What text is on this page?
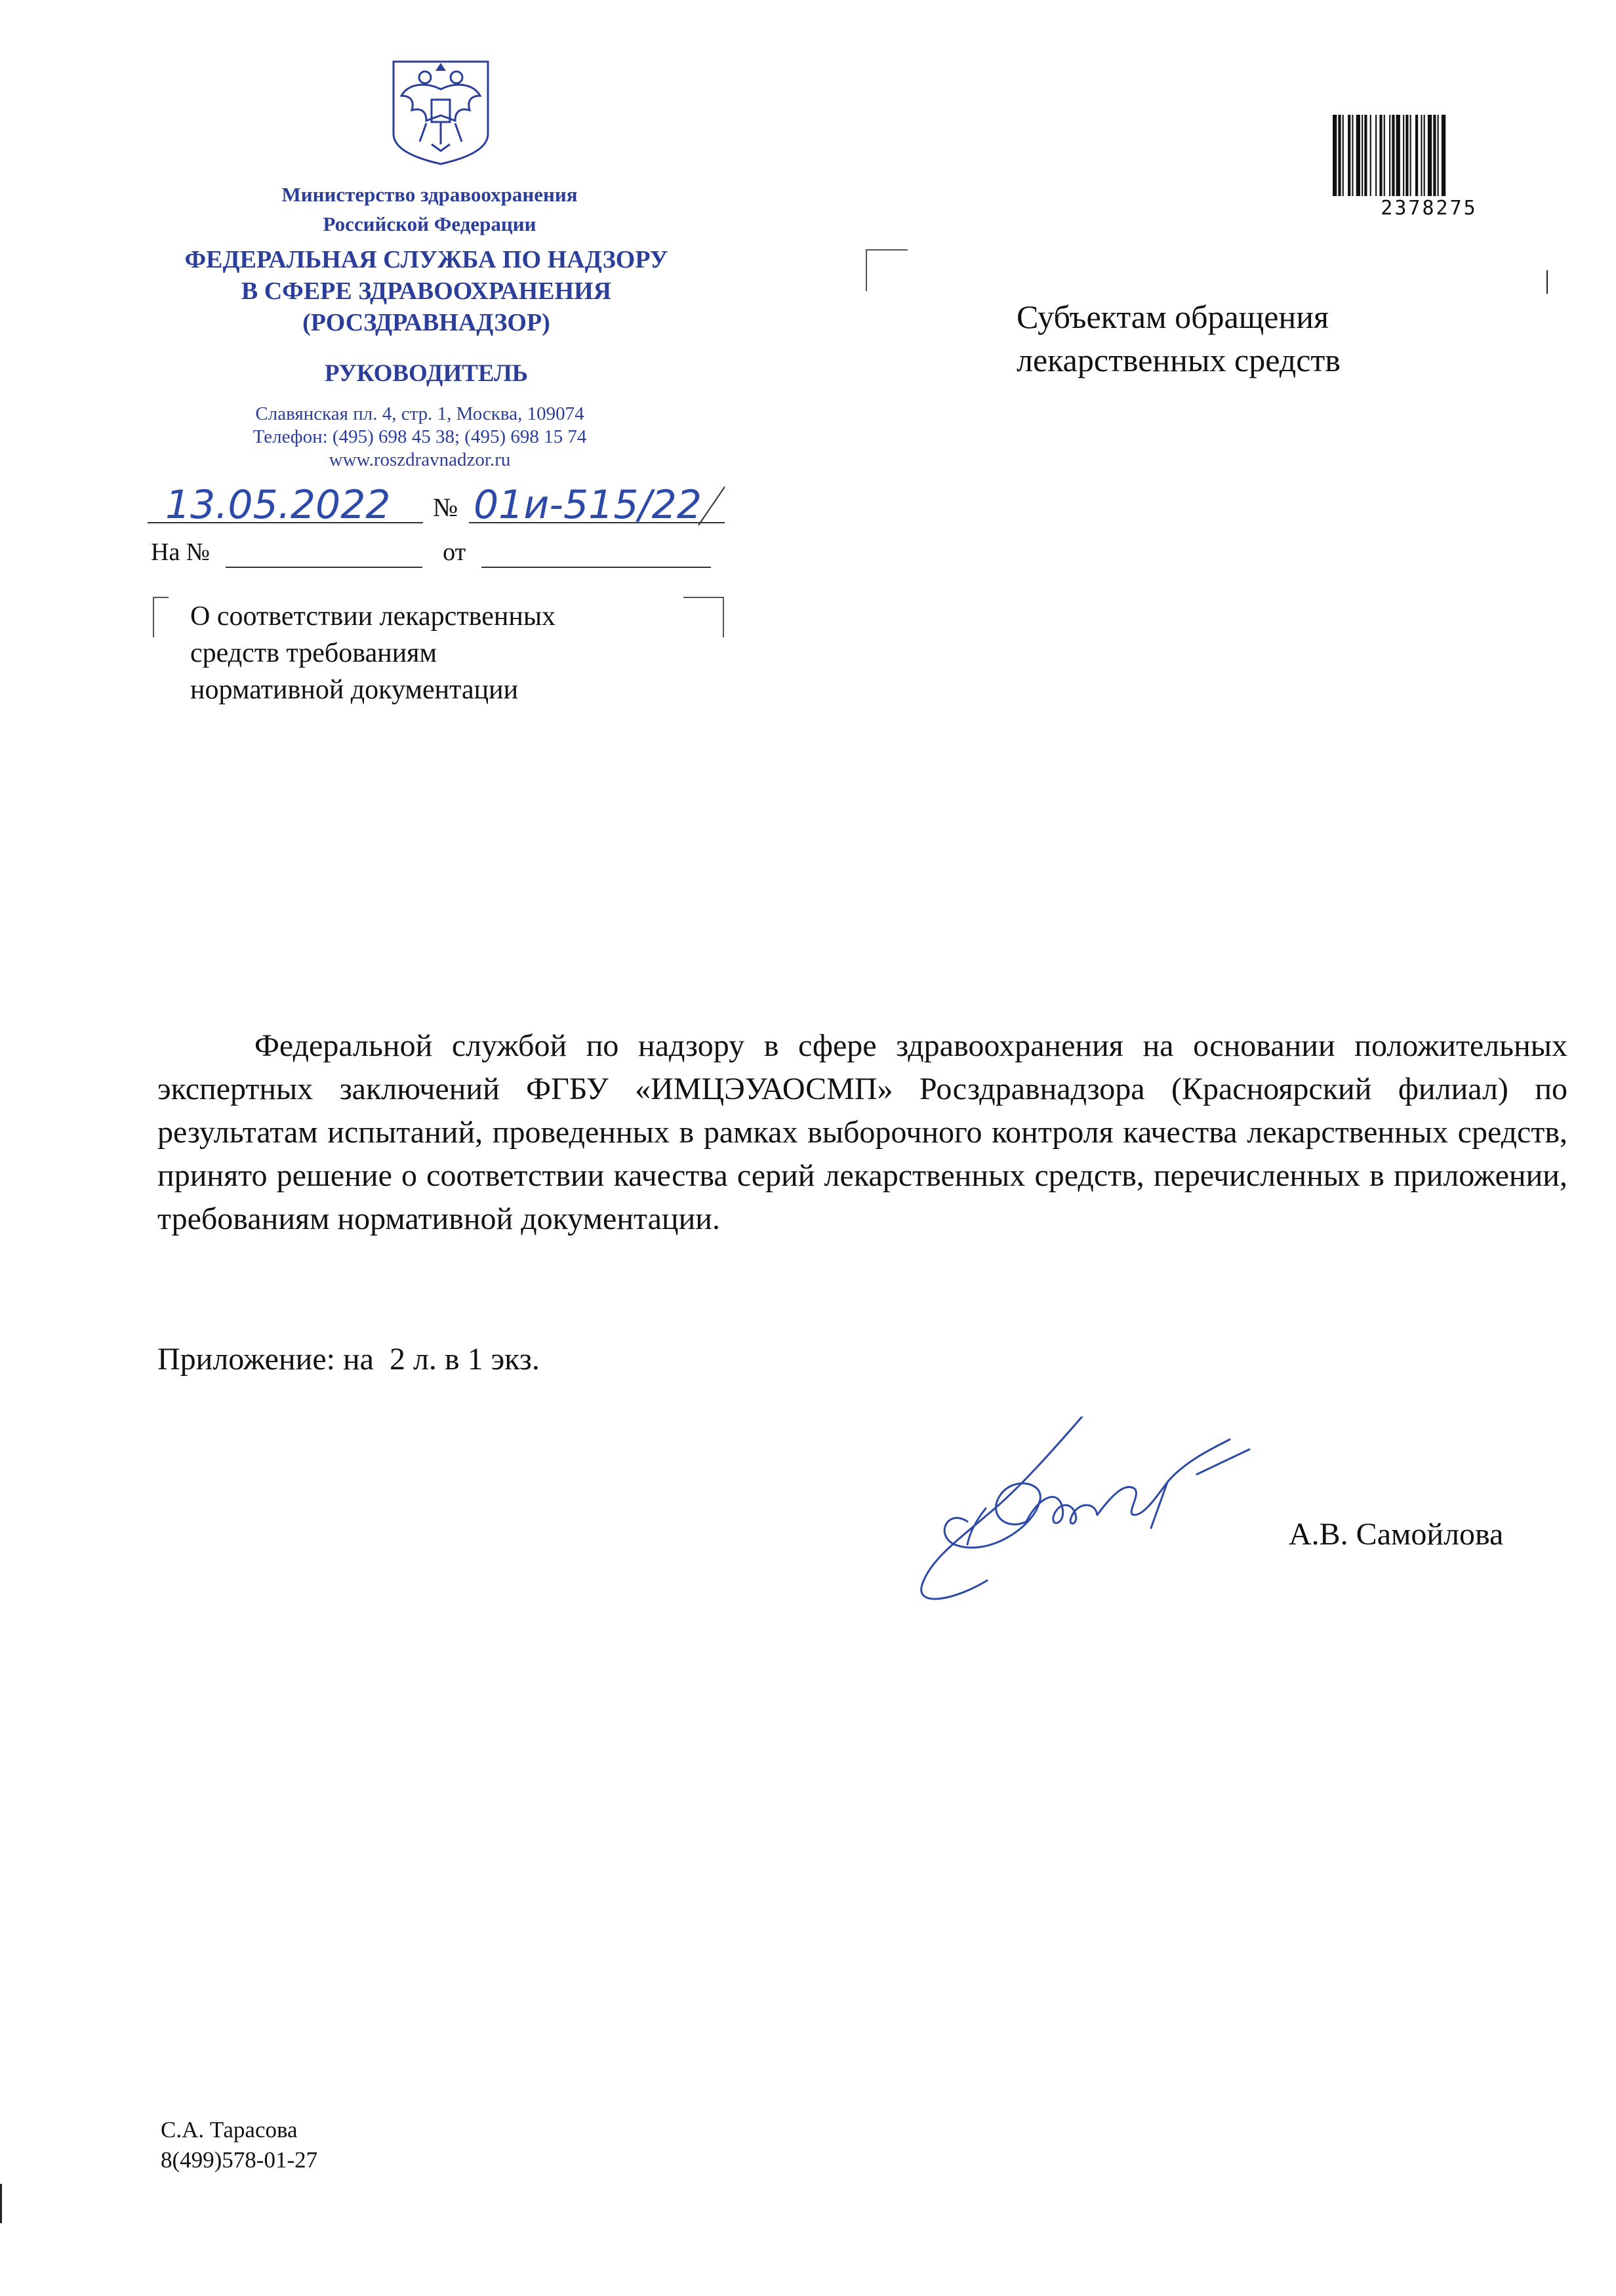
Министерство здравоохранения
Российской Федерации
ФЕДЕРАЛЬНАЯ СЛУЖБА ПО НАДЗОРУ
В СФЕРЕ ЗДРАВООХРАНЕНИЯ
(РОСЗДРАВНАДЗОР)
РУКОВОДИТЕЛЬ
Славянская пл. 4, стр. 1, Москва, 109074
Телефон: (495) 698 45 38; (495) 698 15 74
www.roszdravnadzor.ru
13.05.2022 № 01и-515/22
На №	от
О соответствии лекарственных
средств требованиям
нормативной документации
Субъектам обращения
лекарственных средств
2378275
Федеральной службой по надзору в сфере здравоохранения на основании положительных экспертных заключений ФГБУ «ИМЦЭУАОСМП» Росздравнадзора (Красноярский филиал) по результатам испытаний, проведенных в рамках выборочного контроля качества лекарственных средств, принято решение о соответствии качества серий лекарственных средств, перечисленных в приложении, требованиям нормативной документации.
Приложение: на  2 л. в 1 экз.
А.В. Самойлова
С.А. Тарасова
8(499)578-01-27
